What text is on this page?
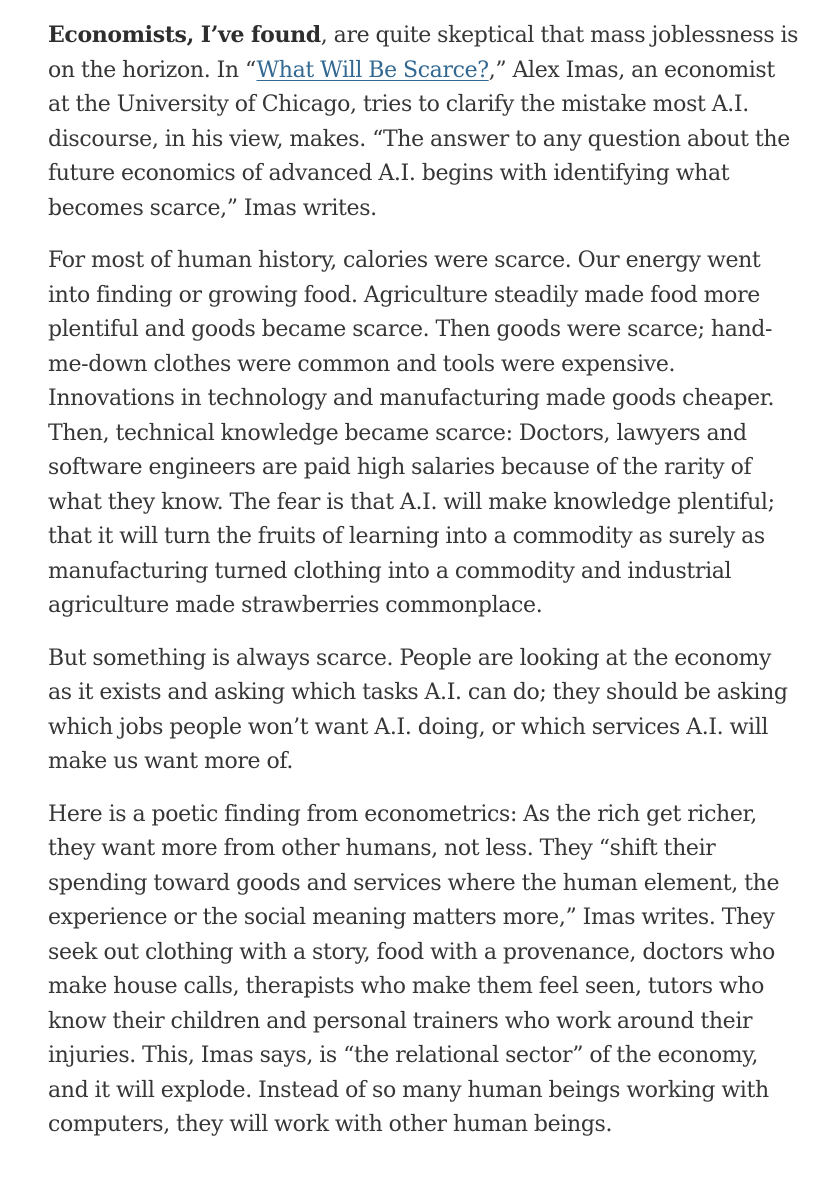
Economists, I’ve found, are quite skeptical that mass joblessness is on the horizon. In “What Will Be Scarce?,” Alex Imas, an economist at the University of Chicago, tries to clarify the mistake most A.I. discourse, in his view, makes. “The answer to any question about the future economics of advanced A.I. begins with identifying what becomes scarce,” Imas writes.

For most of human history, calories were scarce. Our energy went into finding or growing food. Agriculture steadily made food more plentiful and goods became scarce. Then goods were scarce; hand-me-down clothes were common and tools were expensive. Innovations in technology and manufacturing made goods cheaper. Then, technical knowledge became scarce: Doctors, lawyers and software engineers are paid high salaries because of the rarity of what they know. The fear is that A.I. will make knowledge plentiful; that it will turn the fruits of learning into a commodity as surely as manufacturing turned clothing into a commodity and industrial agriculture made strawberries commonplace.

But something is always scarce. People are looking at the economy as it exists and asking which tasks A.I. can do; they should be asking which jobs people won’t want A.I. doing, or which services A.I. will make us want more of.

Here is a poetic finding from econometrics: As the rich get richer, they want more from other humans, not less. They “shift their spending toward goods and services where the human element, the experience or the social meaning matters more,” Imas writes. They seek out clothing with a story, food with a provenance, doctors who make house calls, therapists who make them feel seen, tutors who know their children and personal trainers who work around their injuries. This, Imas says, is “the relational sector” of the economy, and it will explode. Instead of so many human beings working with computers, they will work with other human beings.
